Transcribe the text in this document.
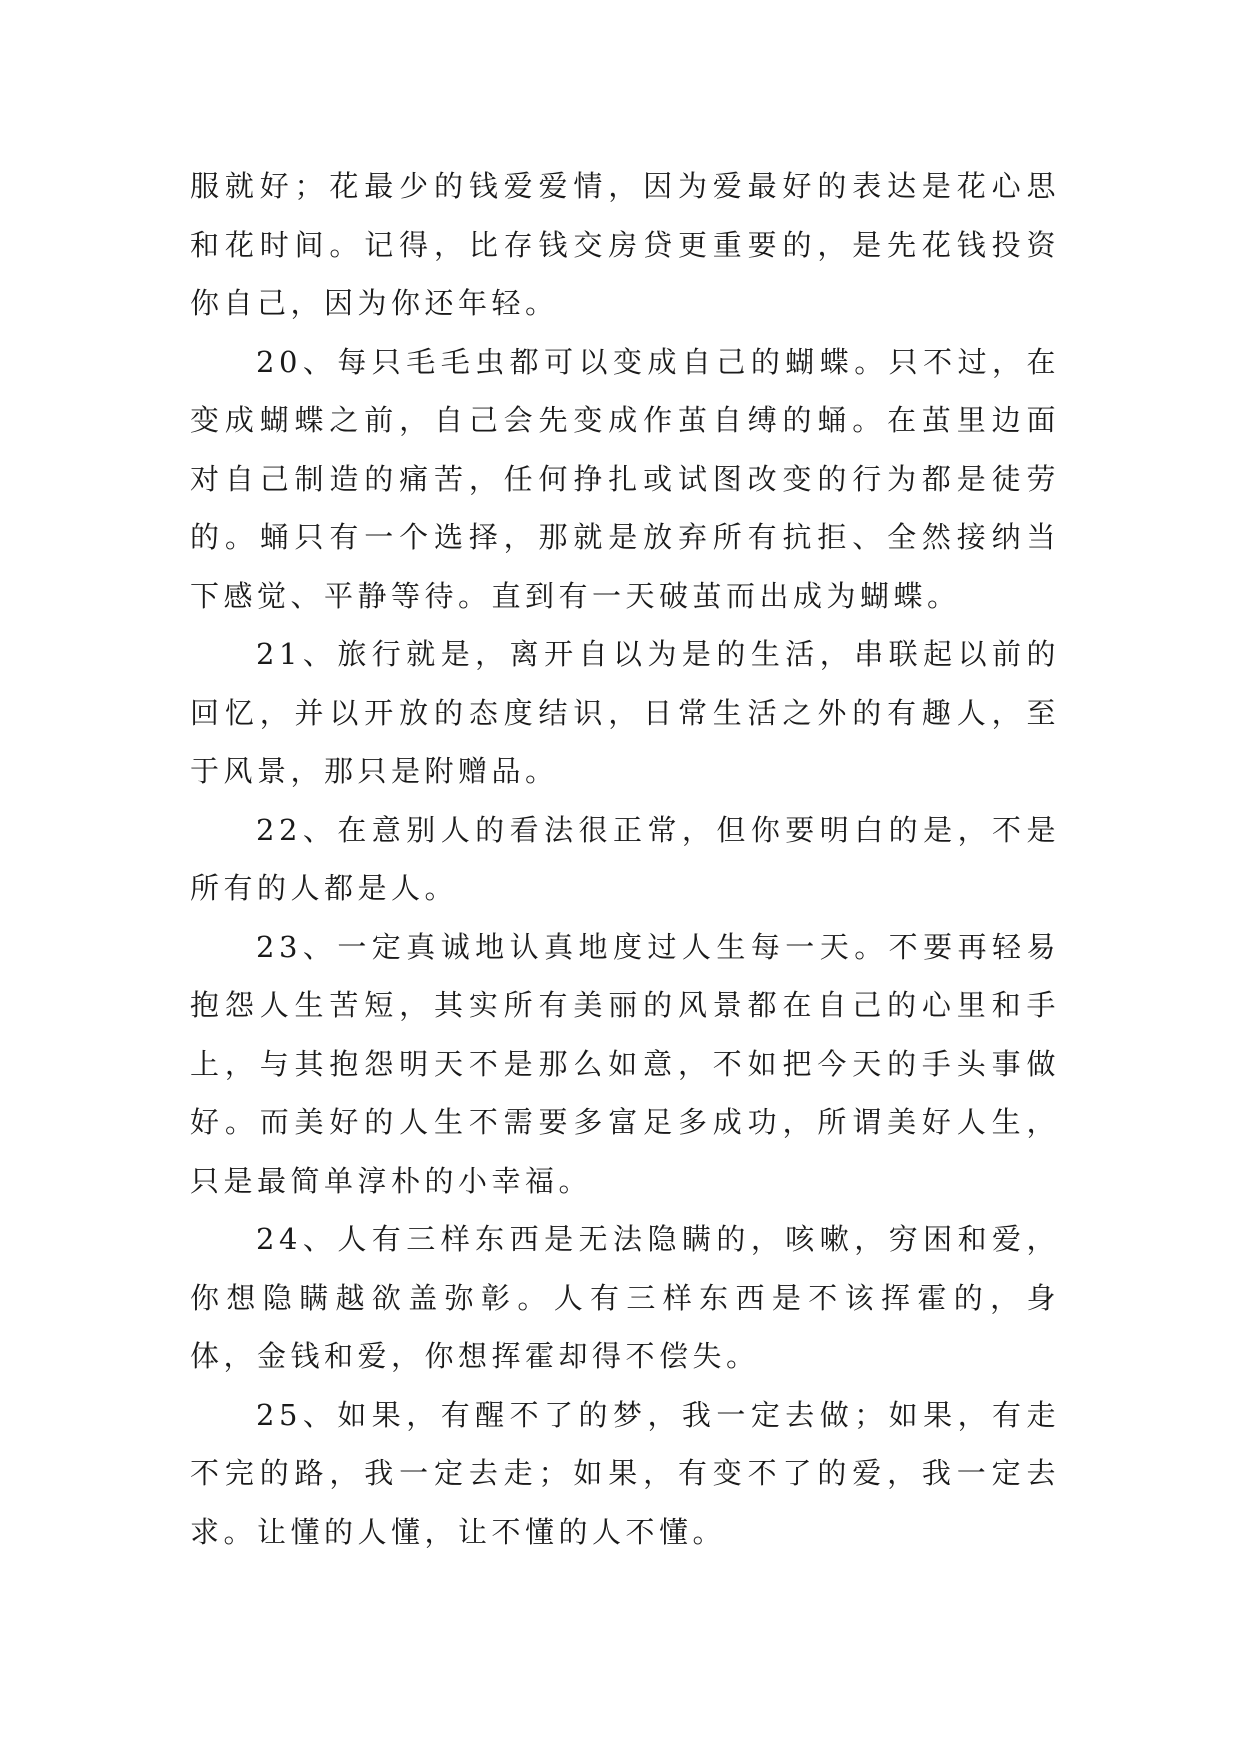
服就好；花最少的钱爱爱情，因为爱最好的表达是花心思和花时间。记得，比存钱交房贷更重要的，是先花钱投资你自己，因为你还年轻。

20、每只毛毛虫都可以变成自己的蝴蝶。只不过，在变成蝴蝶之前，自己会先变成作茧自缚的蛹。在茧里边面对自己制造的痛苦，任何挣扎或试图改变的行为都是徒劳的。蛹只有一个选择，那就是放弃所有抗拒、全然接纳当下感觉、平静等待。直到有一天破茧而出成为蝴蝶。

21、旅行就是，离开自以为是的生活，串联起以前的回忆，并以开放的态度结识，日常生活之外的有趣人，至于风景，那只是附赠品。

22、在意别人的看法很正常，但你要明白的是，不是所有的人都是人。

23、一定真诚地认真地度过人生每一天。不要再轻易抱怨人生苦短，其实所有美丽的风景都在自己的心里和手上，与其抱怨明天不是那么如意，不如把今天的手头事做好。而美好的人生不需要多富足多成功，所谓美好人生，只是最简单淳朴的小幸福。

24、人有三样东西是无法隐瞒的，咳嗽，穷困和爱，你想隐瞒越欲盖弥彰。人有三样东西是不该挥霍的，身体，金钱和爱，你想挥霍却得不偿失。

25、如果，有醒不了的梦，我一定去做；如果，有走不完的路，我一定去走；如果，有变不了的爱，我一定去求。让懂的人懂，让不懂的人不懂。
